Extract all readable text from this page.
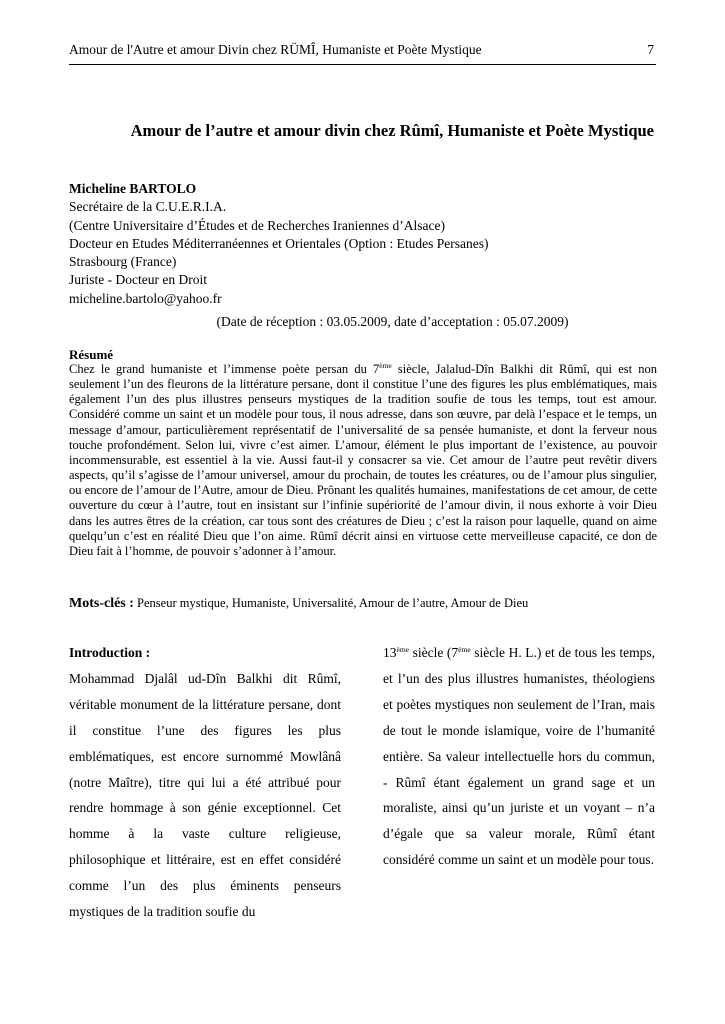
Amour de l'Autre et amour Divin chez RÜMÎ, Humaniste et Poète Mystique	7
Amour de l’autre et amour divin chez Rûmî, Humaniste et Poète Mystique
Micheline BARTOLO
Secrétaire de la C.U.E.R.I.A.
(Centre Universitaire d’Études et de Recherches Iraniennes d’Alsace)
Docteur en Etudes Méditerranéennes et Orientales (Option : Etudes Persanes)
Strasbourg (France)
Juriste - Docteur en Droit
micheline.bartolo@yahoo.fr
(Date de réception : 03.05.2009, date d’acceptation : 05.07.2009)
Résumé
Chez le grand humaniste et l’immense poète persan du 7ème siècle, Jalalud-Dîn Balkhi dit Rûmî, qui est non seulement l’un des fleurons de la littérature persane, dont il constitue l’une des figures les plus emblématiques, mais également l’un des plus illustres penseurs mystiques de la tradition soufie de tous les temps, tout est amour. Considéré comme un saint et un modèle pour tous, il nous adresse, dans son œuvre, par delà l’espace et le temps, un message d’amour, particulièrement représentatif de l’universalité de sa pensée humaniste, et dont la ferveur nous touche profondément. Selon lui, vivre c’est aimer. L’amour, élément le plus important de l’existence, au pouvoir incommensurable, est essentiel à la vie. Aussi faut-il y consacrer sa vie. Cet amour de l’autre peut revêtir divers aspects, qu’il s’agisse de l’amour universel, amour du prochain, de toutes les créatures, ou de l’amour plus singulier, ou encore de l’amour de l’Autre, amour de Dieu. Prônant les qualités humaines, manifestations de cet amour, de cette ouverture du cœur à l’autre, tout en insistant sur l’infinie supériorité de l’amour divin, il nous exhorte à voir Dieu dans les autres êtres de la création, car tous sont des créatures de Dieu ; c’est la raison pour laquelle, quand on aime quelqu’un c’est en réalité Dieu que l’on aime. Rûmî décrit ainsi en virtuose cette merveilleuse capacité, ce don de Dieu fait à l’homme, de pouvoir s’adonner à l’amour.
Mots-clés : Penseur mystique, Humaniste, Universalité, Amour de l’autre, Amour de Dieu
Introduction :
Mohammad Djalâl ud-Dîn Balkhi dit Rûmî, véritable monument de la littérature persane, dont il constitue l’une des figures les plus emblématiques, est encore surnommé Mowlânâ (notre Maître), titre qui lui a été attribué pour rendre hommage à son génie exceptionnel. Cet homme à la vaste culture religieuse, philosophique et littéraire, est en effet considéré comme l’un des plus éminents penseurs mystiques de la tradition soufie du
13ème siècle (7ème siècle H. L.) et de tous les temps, et l’un des plus illustres humanistes, théologiens et poètes mystiques non seulement de l’Iran, mais de tout le monde islamique, voire de l’humanité entière. Sa valeur intellectuelle hors du commun, - Rûmî étant également un grand sage et un moraliste, ainsi qu’un juriste et un voyant – n’a d’égale que sa valeur morale, Rûmî étant considéré comme un saint et un modèle pour tous.
